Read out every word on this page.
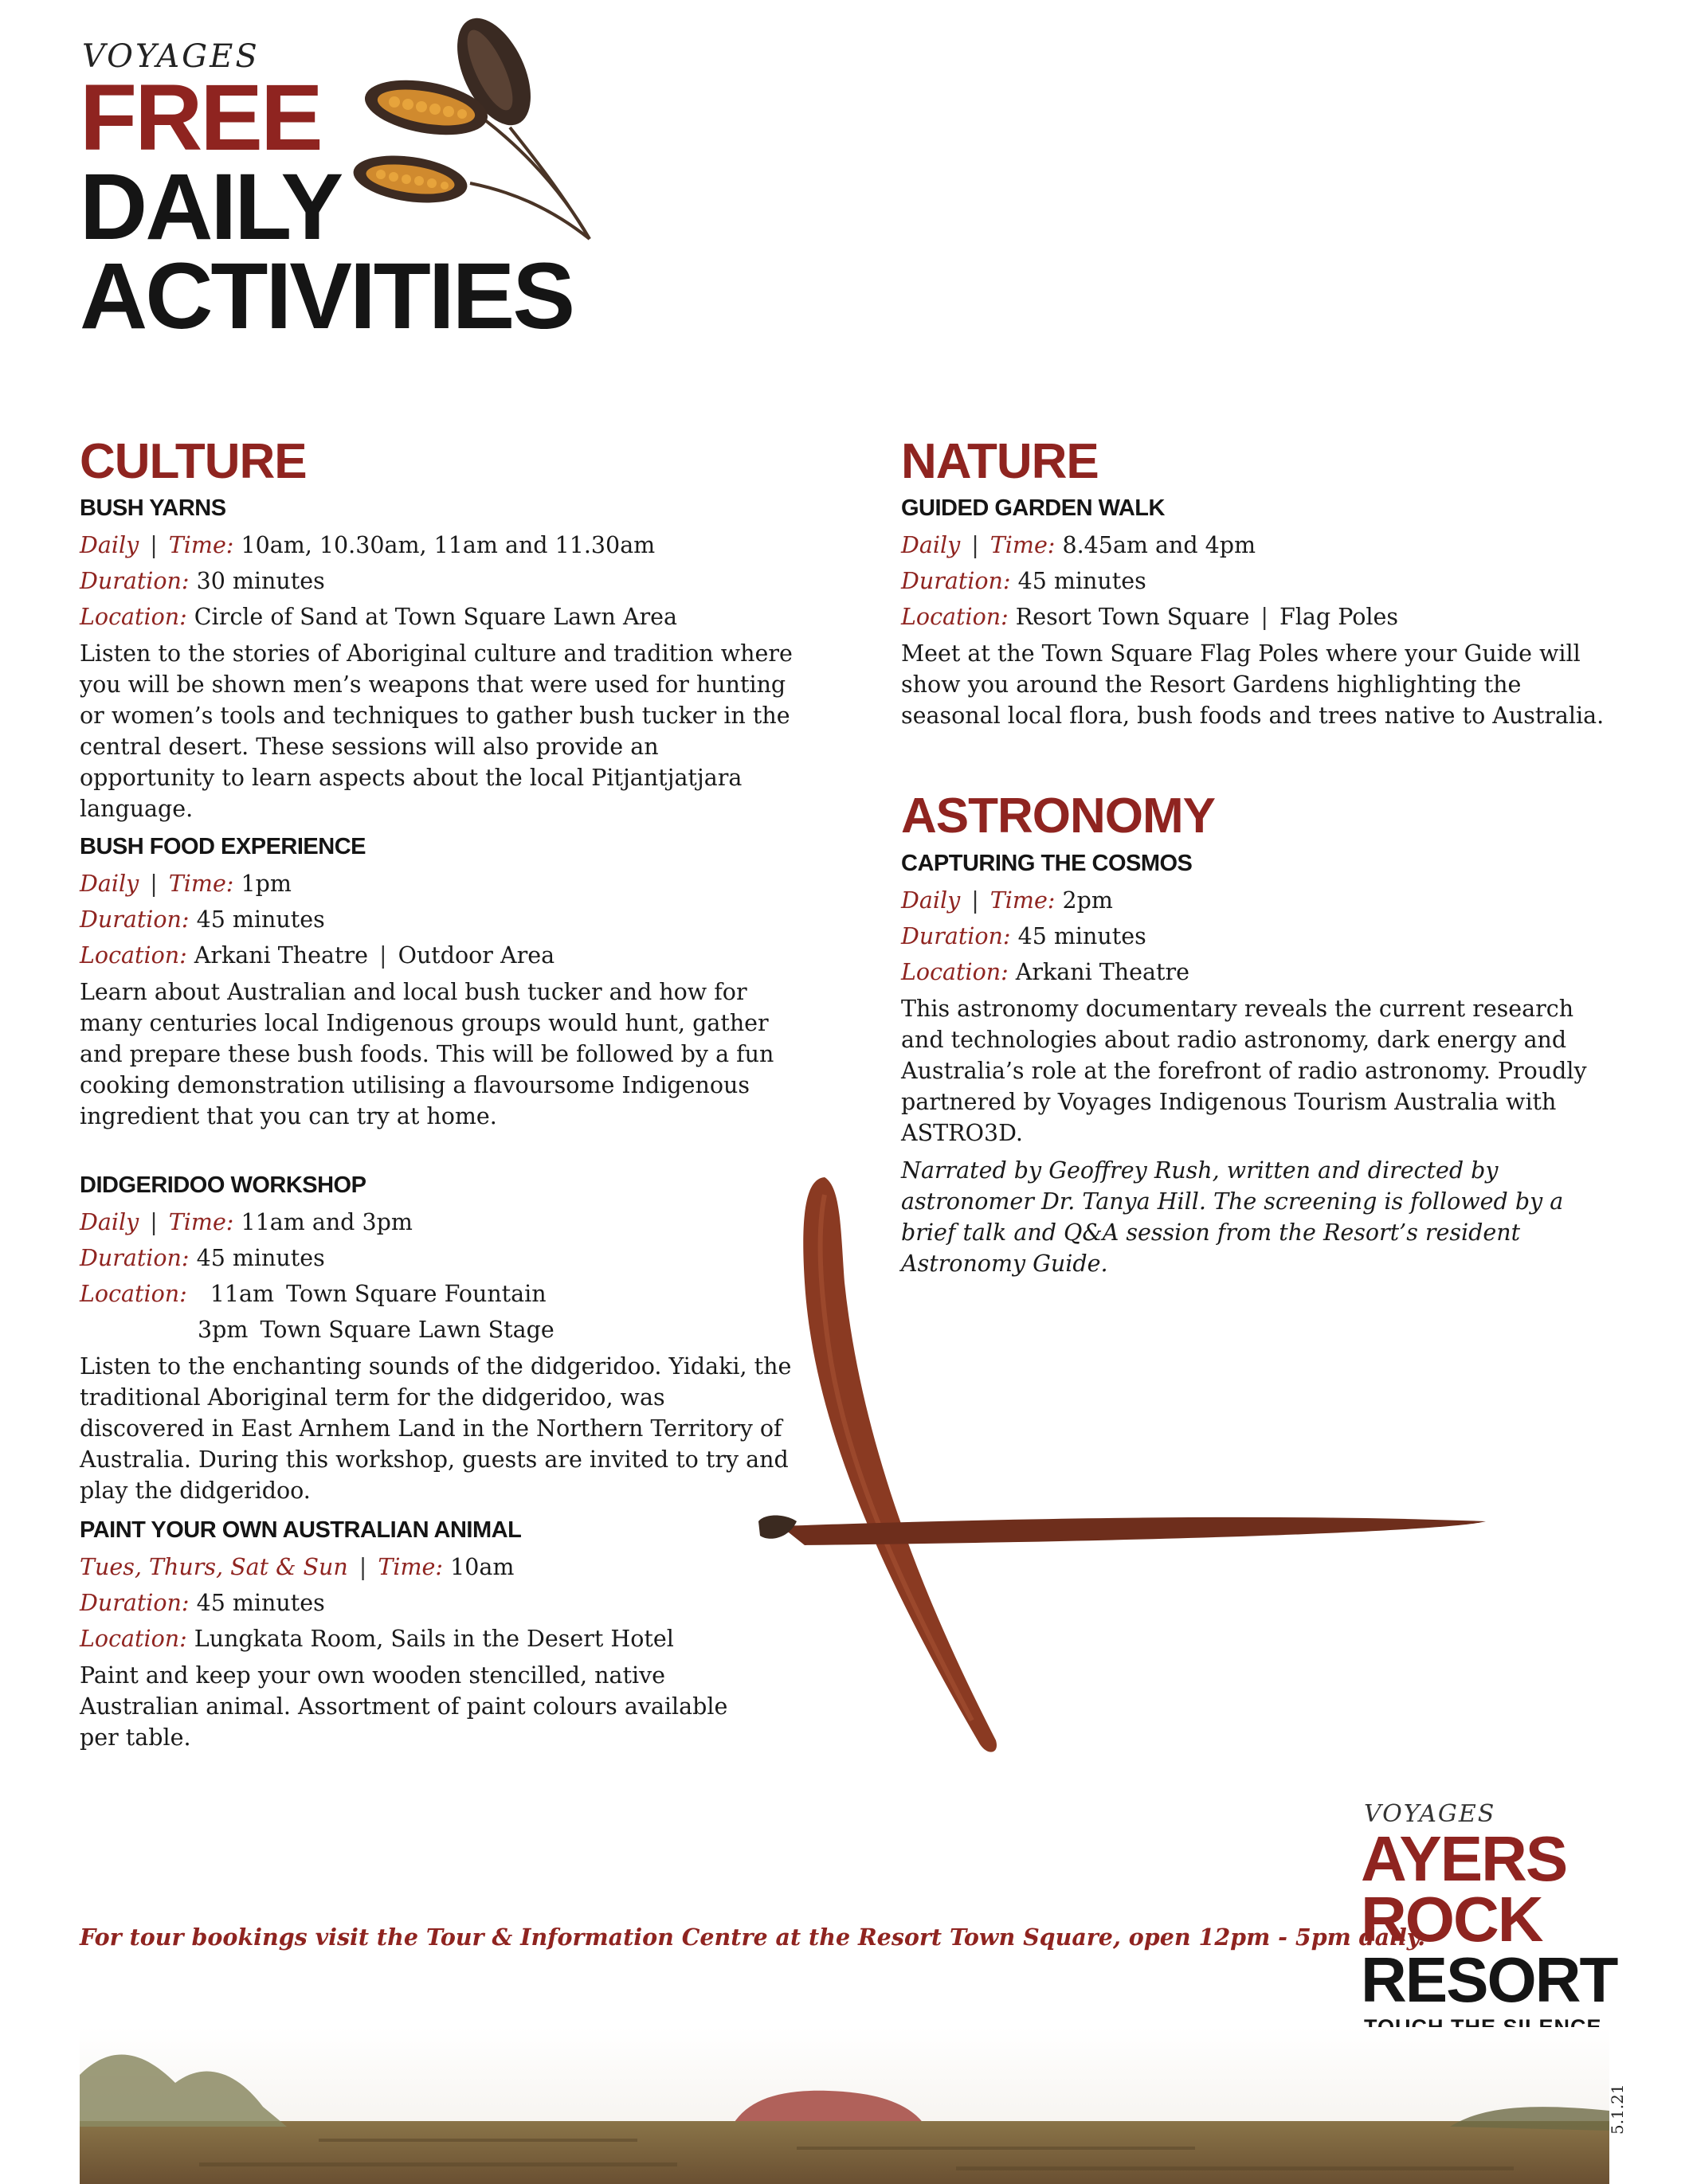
VOYAGES
FREE
DAILY
ACTIVITIES
CULTURE
BUSH YARNS
Daily | Time: 10am, 10.30am, 11am and 11.30am
Duration: 30 minutes
Location: Circle of Sand at Town Square Lawn Area
Listen to the stories of Aboriginal culture and tradition where you will be shown men’s weapons that were used for hunting or women’s tools and techniques to gather bush tucker in the central desert. These sessions will also provide an opportunity to learn aspects about the local Pitjantjatjara language.
BUSH FOOD EXPERIENCE
Daily | Time: 1pm
Duration: 45 minutes
Location: Arkani Theatre | Outdoor Area
Learn about Australian and local bush tucker and how for many centuries local Indigenous groups would hunt, gather and prepare these bush foods. This will be followed by a fun cooking demonstration utilising a flavoursome Indigenous ingredient that you can try at home.
DIDGERIDOO WORKSHOP
Daily | Time: 11am and 3pm
Duration: 45 minutes
Location: 11am Town Square Fountain
3pm Town Square Lawn Stage
Listen to the enchanting sounds of the didgeridoo. Yidaki, the traditional Aboriginal term for the didgeridoo, was discovered in East Arnhem Land in the Northern Territory of Australia. During this workshop, guests are invited to try and play the didgeridoo.
PAINT YOUR OWN AUSTRALIAN ANIMAL
Tues, Thurs, Sat & Sun | Time: 10am
Duration: 45 minutes
Location: Lungkata Room, Sails in the Desert Hotel
Paint and keep your own wooden stencilled, native Australian animal. Assortment of paint colours available per table.
NATURE
GUIDED GARDEN WALK
Daily | Time: 8.45am and 4pm
Duration: 45 minutes
Location: Resort Town Square | Flag Poles
Meet at the Town Square Flag Poles where your Guide will show you around the Resort Gardens highlighting the seasonal local flora, bush foods and trees native to Australia.
ASTRONOMY
CAPTURING THE COSMOS
Daily | Time: 2pm
Duration: 45 minutes
Location: Arkani Theatre
This astronomy documentary reveals the current research and technologies about radio astronomy, dark energy and Australia’s role at the forefront of radio astronomy. Proudly partnered by Voyages Indigenous Tourism Australia with ASTRO3D.
Narrated by Geoffrey Rush, written and directed by astronomer Dr. Tanya Hill. The screening is followed by a brief talk and Q&A session from the Resort’s resident Astronomy Guide.
For tour bookings visit the Tour & Information Centre at the Resort Town Square, open 12pm - 5pm daily.
VOYAGES
AYERS
ROCK
RESORT
5.1.21
